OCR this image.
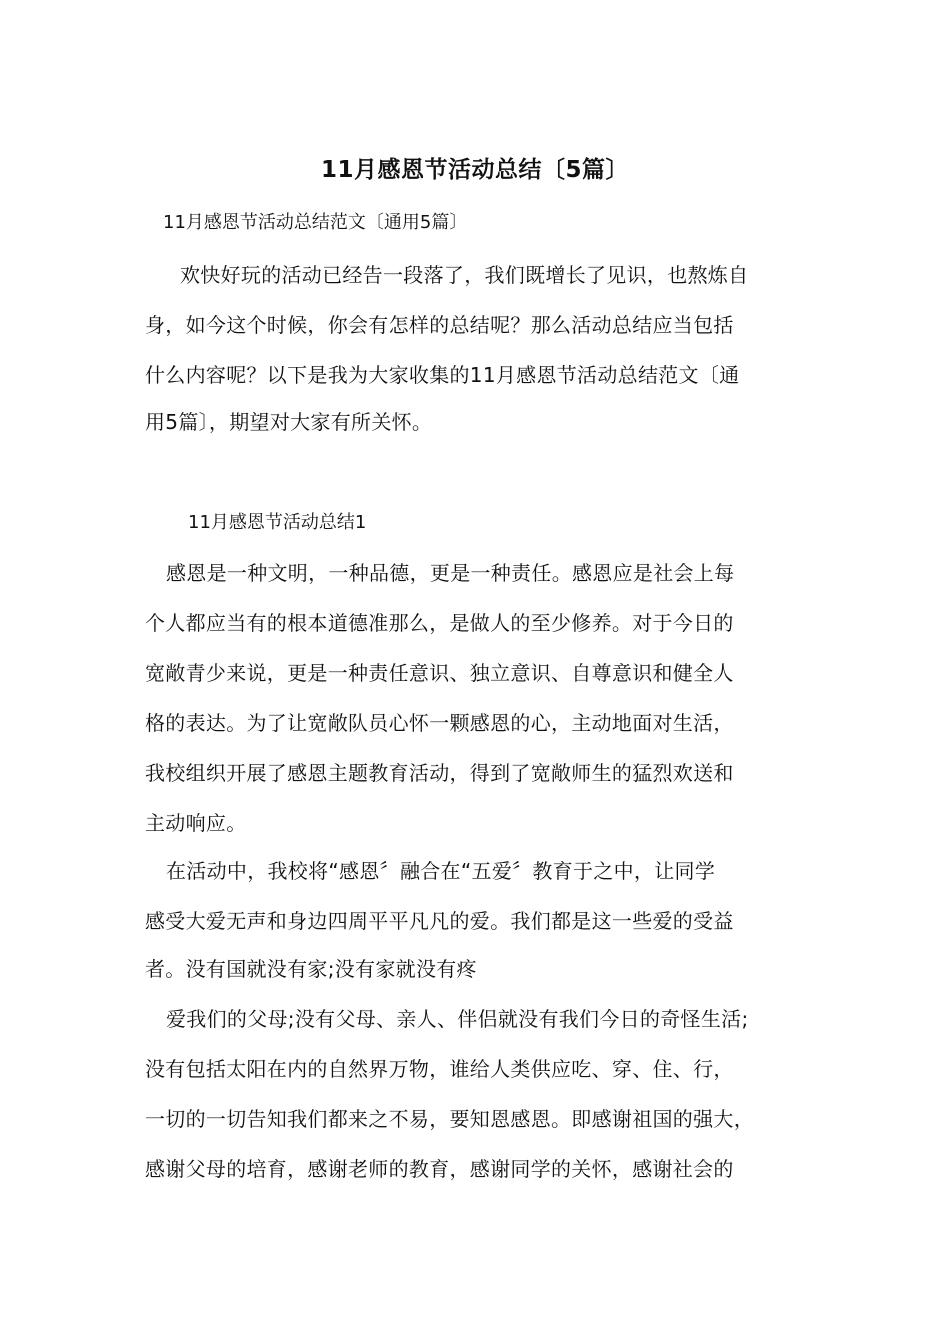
11月感恩节活动总结〔5篇〕
11月感恩节活动总结范文〔通用5篇〕
欢快好玩的活动已经告一段落了，我们既增长了见识，也熬炼自
身，如今这个时候，你会有怎样的总结呢？那么活动总结应当包括
什么内容呢？以下是我为大家收集的11月感恩节活动总结范文〔通
用5篇〕，期望对大家有所关怀。
11月感恩节活动总结1
感恩是一种文明，一种品德，更是一种责任。感恩应是社会上每
个人都应当有的根本道德准那么，是做人的至少修养。对于今日的
宽敞青少来说，更是一种责任意识、独立意识、自尊意识和健全人
格的表达。为了让宽敞队员心怀一颗感恩的心，主动地面对生活，
我校组织开展了感恩主题教育活动，得到了宽敞师生的猛烈欢送和
主动响应。
在活动中，我校将“感恩〞融合在“五爱〞教育于之中，让同学
感受大爱无声和身边四周平平凡凡的爱。我们都是这一些爱的受益
者。没有国就没有家;没有家就没有疼
爱我们的父母;没有父母、亲人、伴侣就没有我们今日的奇怪生活;
没有包括太阳在内的自然界万物，谁给人类供应吃、穿、住、行，
一切的一切告知我们都来之不易，要知恩感恩。即感谢祖国的强大，
感谢父母的培育，感谢老师的教育，感谢同学的关怀，感谢社会的
